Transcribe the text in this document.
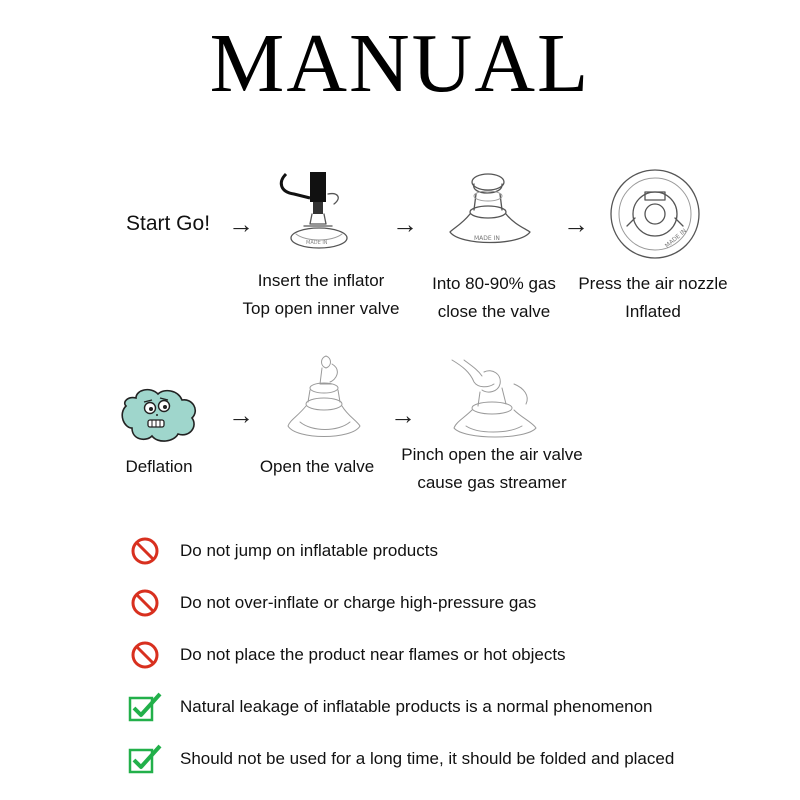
MANUAL
Start Go! →
MADE IN
→	MADE IN →	MADE IN
Insert the inflator
Top open inner valve
Into 80-90% gas
close the valve
Press the air nozzle
Inflated
→	→
Deflation	Open the valve
Pinch open the air valve
cause gas streamer
Do not jump on inflatable products
Do not over-inflate or charge high-pressure gas
Do not place the product near flames or hot objects
Natural leakage of inflatable products is a normal phenomenon
Should not be used for a long time, it should be folded and placed
